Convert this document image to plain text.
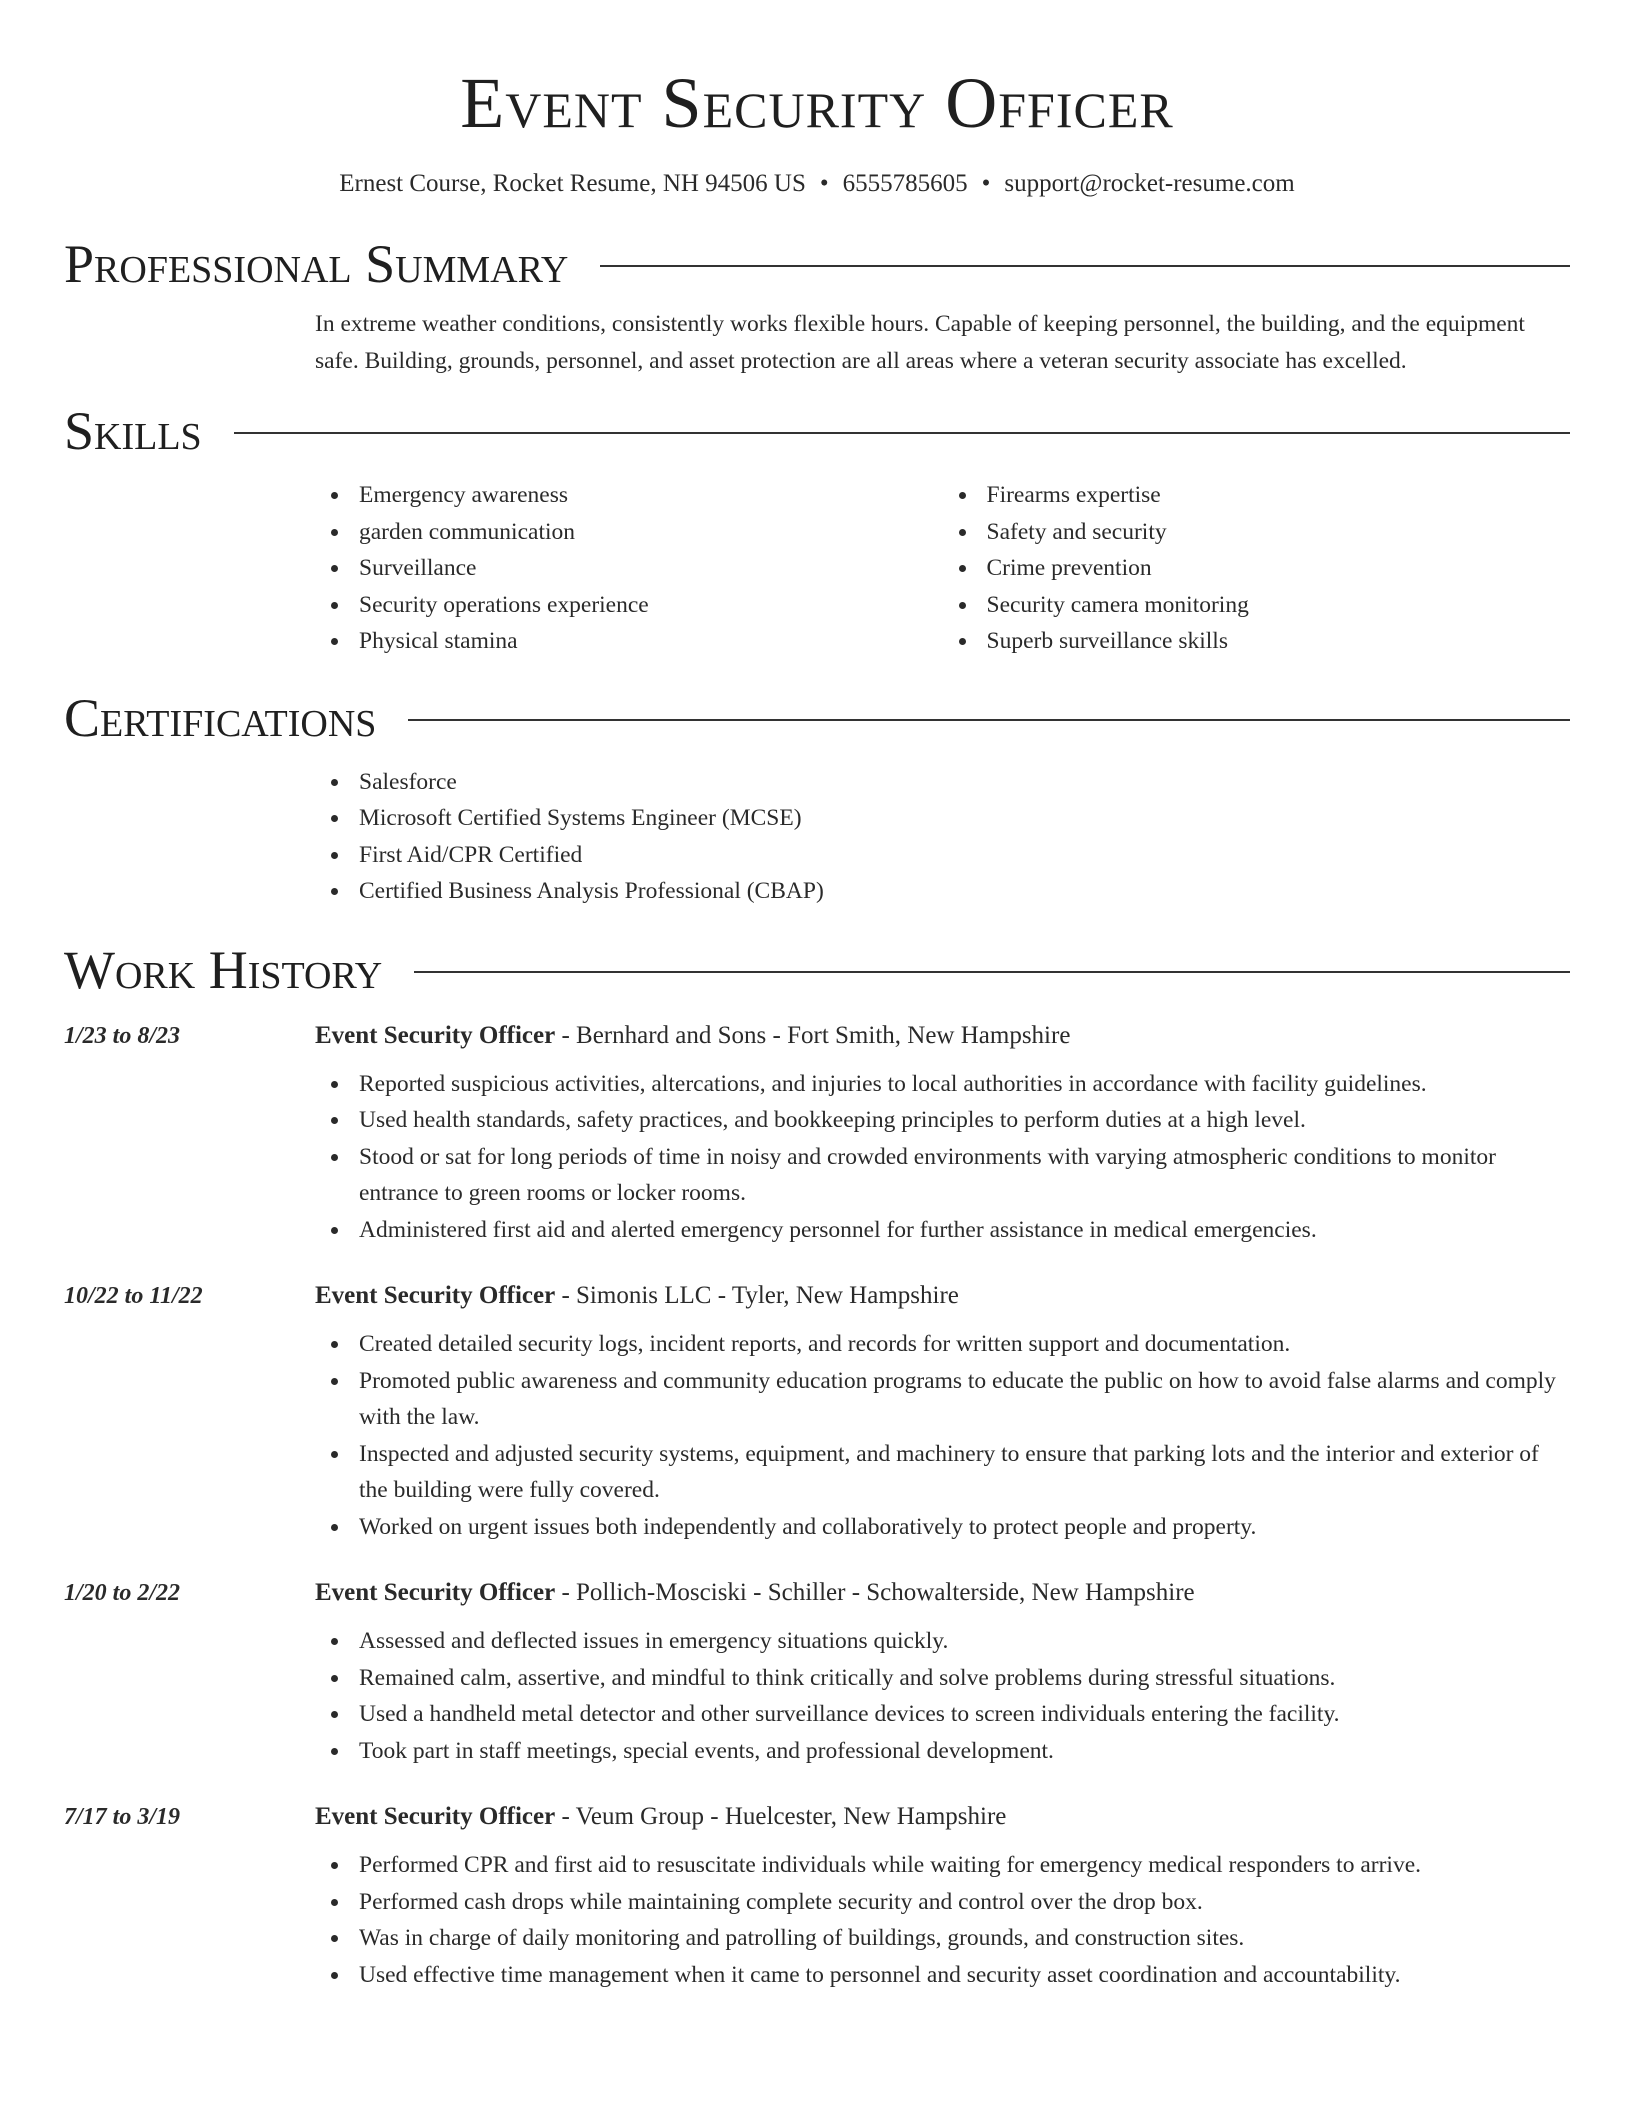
Event Security Officer
Ernest Course, Rocket Resume, NH 94506 US • 6555785605 • support@rocket-resume.com
Professional Summary
In extreme weather conditions, consistently works flexible hours. Capable of keeping personnel, the building, and the equipment safe. Building, grounds, personnel, and asset protection are all areas where a veteran security associate has excelled.
Skills
Emergency awareness
garden communication
Surveillance
Security operations experience
Physical stamina
Firearms expertise
Safety and security
Crime prevention
Security camera monitoring
Superb surveillance skills
Certifications
Salesforce
Microsoft Certified Systems Engineer (MCSE)
First Aid/CPR Certified
Certified Business Analysis Professional (CBAP)
Work History
1/23 to 8/23	Event Security Officer - Bernhard and Sons - Fort Smith, New Hampshire
Reported suspicious activities, altercations, and injuries to local authorities in accordance with facility guidelines.
Used health standards, safety practices, and bookkeeping principles to perform duties at a high level.
Stood or sat for long periods of time in noisy and crowded environments with varying atmospheric conditions to monitor entrance to green rooms or locker rooms.
Administered first aid and alerted emergency personnel for further assistance in medical emergencies.
10/22 to 11/22	Event Security Officer - Simonis LLC - Tyler, New Hampshire
Created detailed security logs, incident reports, and records for written support and documentation.
Promoted public awareness and community education programs to educate the public on how to avoid false alarms and comply with the law.
Inspected and adjusted security systems, equipment, and machinery to ensure that parking lots and the interior and exterior of the building were fully covered.
Worked on urgent issues both independently and collaboratively to protect people and property.
1/20 to 2/22	Event Security Officer - Pollich-Mosciski - Schiller - Schowalterside, New Hampshire
Assessed and deflected issues in emergency situations quickly.
Remained calm, assertive, and mindful to think critically and solve problems during stressful situations.
Used a handheld metal detector and other surveillance devices to screen individuals entering the facility.
Took part in staff meetings, special events, and professional development.
7/17 to 3/19	Event Security Officer - Veum Group - Huelcester, New Hampshire
Performed CPR and first aid to resuscitate individuals while waiting for emergency medical responders to arrive.
Performed cash drops while maintaining complete security and control over the drop box.
Was in charge of daily monitoring and patrolling of buildings, grounds, and construction sites.
Used effective time management when it came to personnel and security asset coordination and accountability.
